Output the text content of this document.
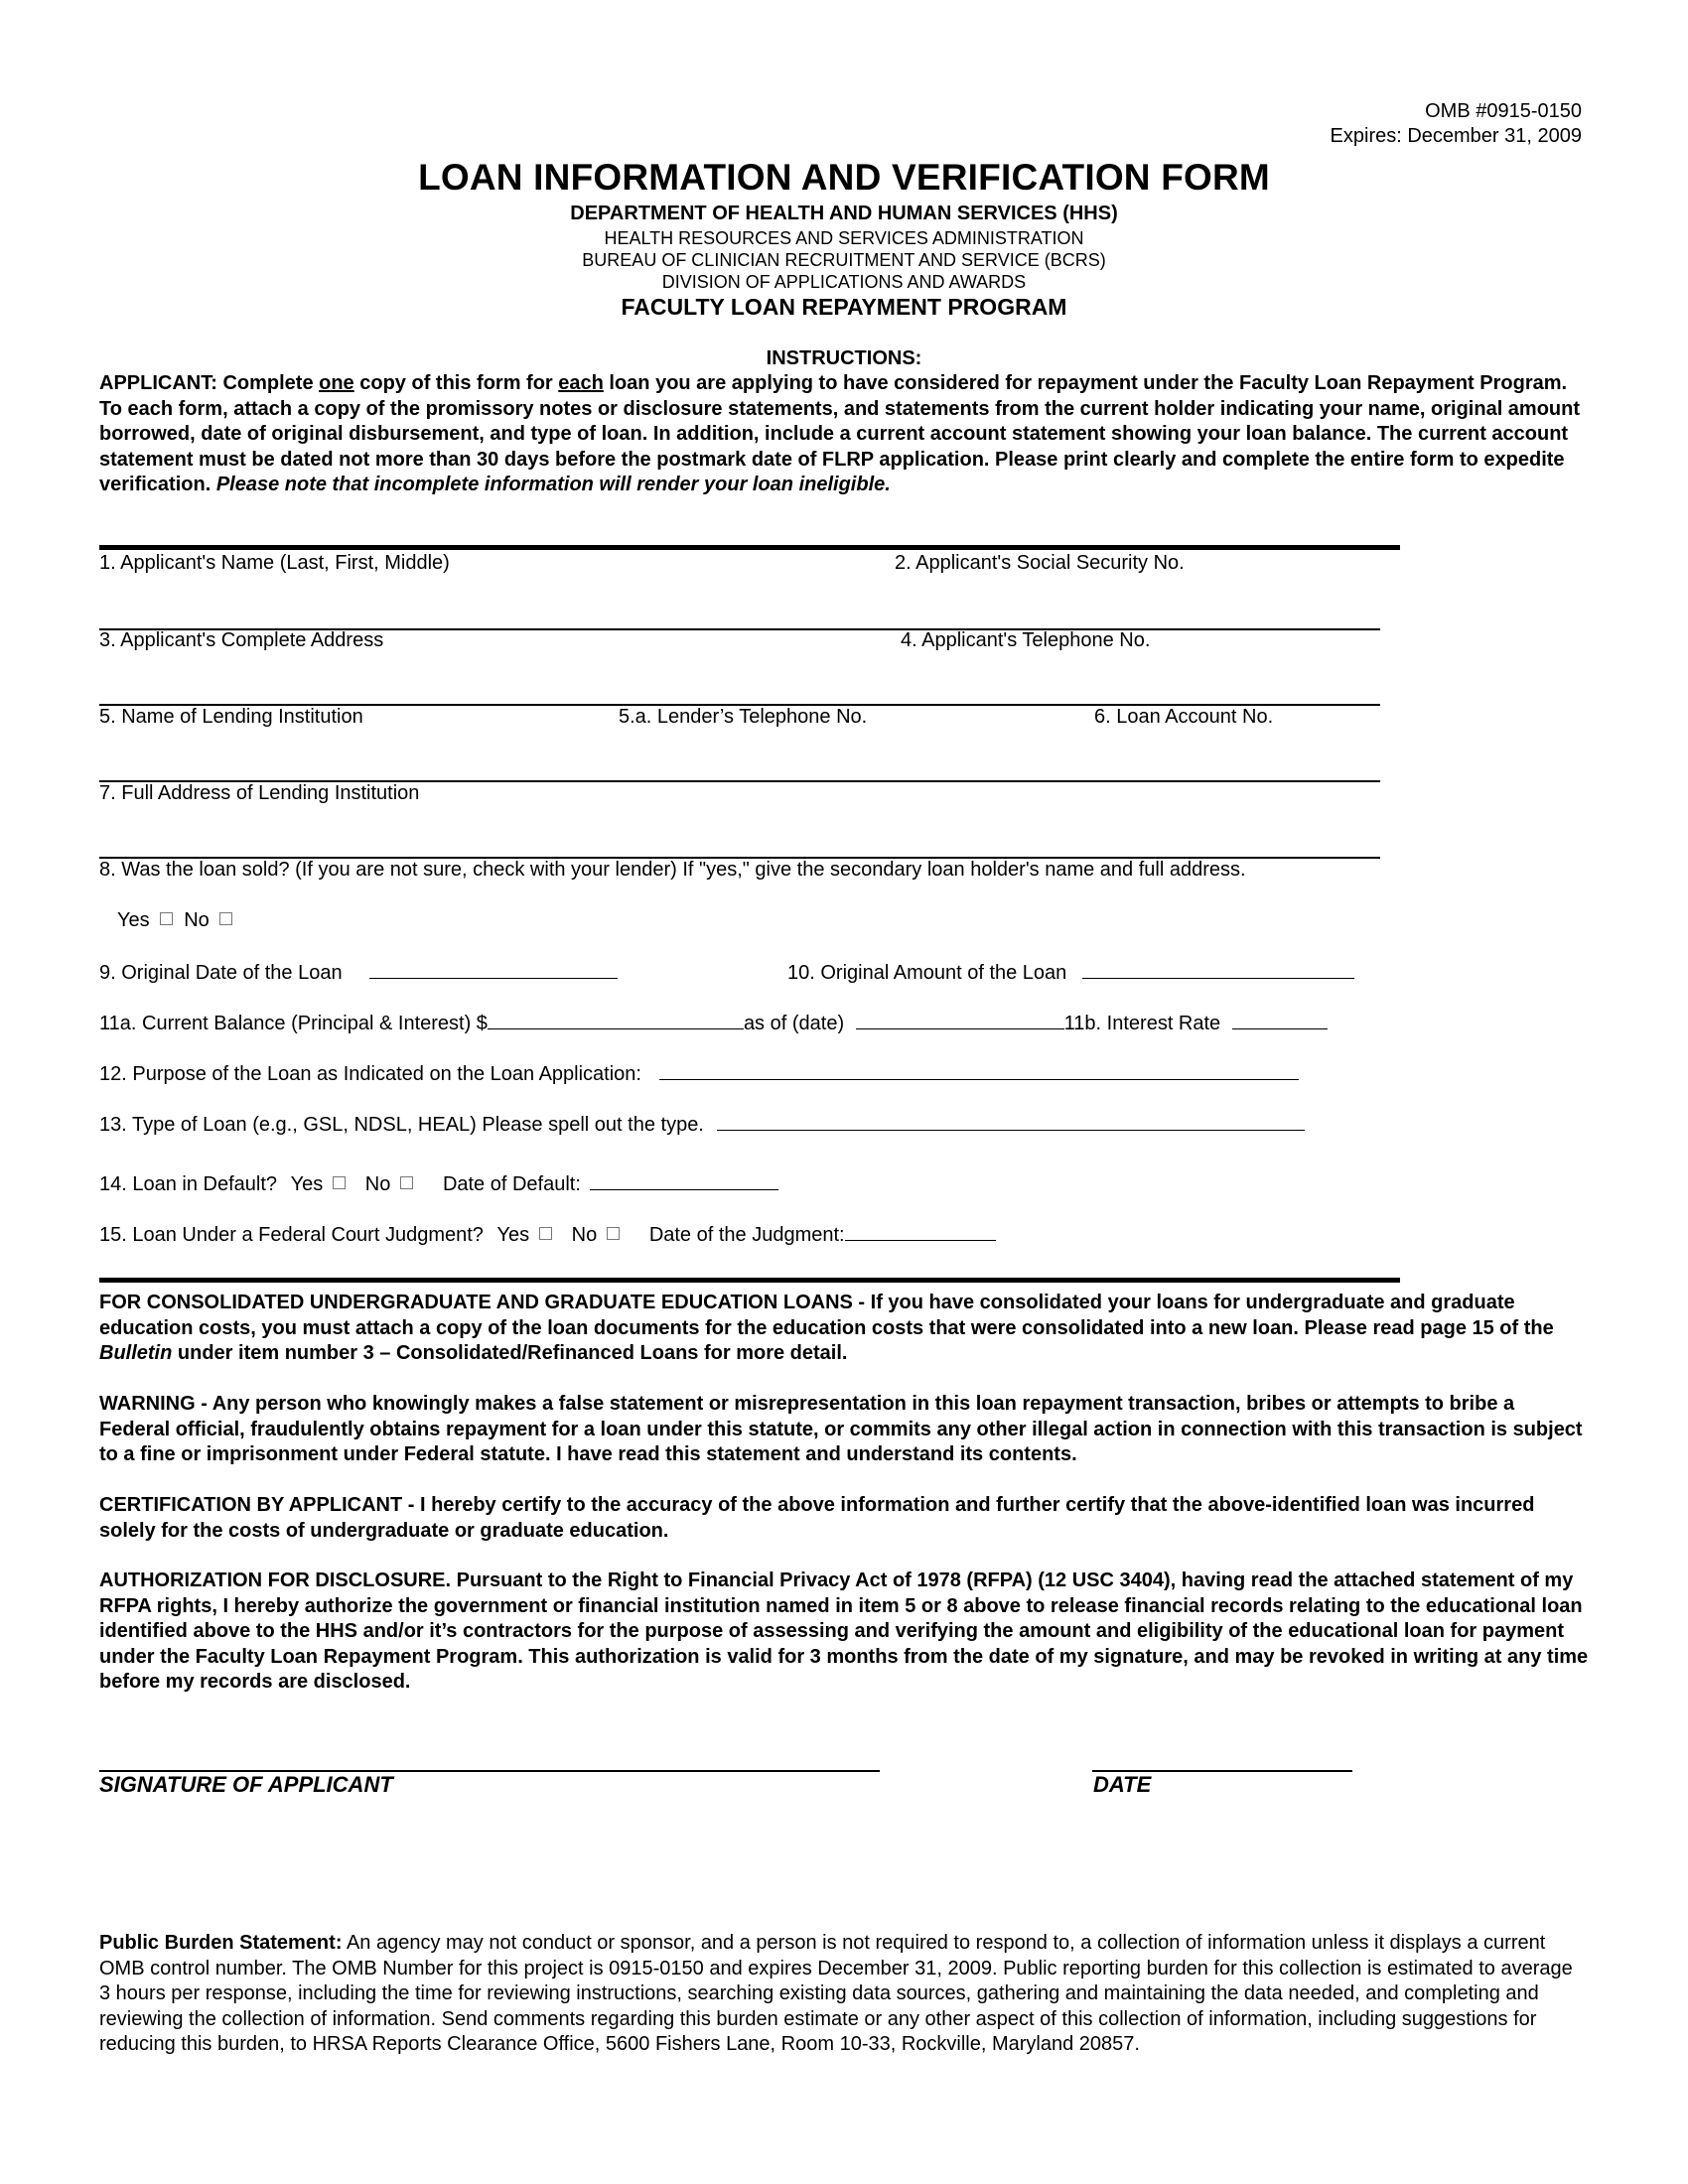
OMB #0915-0150
Expires: December 31, 2009
LOAN INFORMATION AND VERIFICATION FORM
DEPARTMENT OF HEALTH AND HUMAN SERVICES (HHS)
HEALTH RESOURCES AND SERVICES ADMINISTRATION
BUREAU OF CLINICIAN RECRUITMENT AND SERVICE (BCRS)
DIVISION OF APPLICATIONS AND AWARDS
FACULTY LOAN REPAYMENT PROGRAM
INSTRUCTIONS:
APPLICANT: Complete one copy of this form for each loan you are applying to have considered for repayment under the Faculty Loan Repayment Program. To each form, attach a copy of the promissory notes or disclosure statements, and statements from the current holder indicating your name, original amount borrowed, date of original disbursement, and type of loan. In addition, include a current account statement showing your loan balance. The current account statement must be dated not more than 30 days before the postmark date of FLRP application. Please print clearly and complete the entire form to expedite verification. Please note that incomplete information will render your loan ineligible.
1. Applicant's Name (Last, First, Middle)	2. Applicant's Social Security No.
3. Applicant's Complete Address	4. Applicant's Telephone No.
5. Name of Lending Institution	5.a. Lender’s Telephone No.	6. Loan Account No.
7. Full Address of Lending Institution
8. Was the loan sold? (If you are not sure, check with your lender) If "yes," give the secondary loan holder's name and full address.
Yes No
9. Original Date of the Loan	10. Original Amount of the Loan
11a. Current Balance (Principal & Interest) $	as of (date)	11b. Interest Rate
12. Purpose of the Loan as Indicated on the Loan Application:
13. Type of Loan (e.g., GSL, NDSL, HEAL) Please spell out the type.
14. Loan in Default? Yes No	Date of Default:
15. Loan Under a Federal Court Judgment? Yes No	Date of the Judgment:
FOR CONSOLIDATED UNDERGRADUATE AND GRADUATE EDUCATION LOANS - If you have consolidated your loans for undergraduate and graduate education costs, you must attach a copy of the loan documents for the education costs that were consolidated into a new loan. Please read page 15 of the Bulletin under item number 3 – Consolidated/Refinanced Loans for more detail.
WARNING - Any person who knowingly makes a false statement or misrepresentation in this loan repayment transaction, bribes or attempts to bribe a Federal official, fraudulently obtains repayment for a loan under this statute, or commits any other illegal action in connection with this transaction is subject to a fine or imprisonment under Federal statute. I have read this statement and understand its contents.
CERTIFICATION BY APPLICANT - I hereby certify to the accuracy of the above information and further certify that the above-identified loan was incurred solely for the costs of undergraduate or graduate education.
AUTHORIZATION FOR DISCLOSURE. Pursuant to the Right to Financial Privacy Act of 1978 (RFPA) (12 USC 3404), having read the attached statement of my RFPA rights, I hereby authorize the government or financial institution named in item 5 or 8 above to release financial records relating to the educational loan identified above to the HHS and/or it’s contractors for the purpose of assessing and verifying the amount and eligibility of the educational loan for payment under the Faculty Loan Repayment Program. This authorization is valid for 3 months from the date of my signature, and may be revoked in writing at any time before my records are disclosed.
SIGNATURE OF APPLICANT	DATE
Public Burden Statement: An agency may not conduct or sponsor, and a person is not required to respond to, a collection of information unless it displays a current OMB control number. The OMB Number for this project is 0915-0150 and expires December 31, 2009. Public reporting burden for this collection is estimated to average 3 hours per response, including the time for reviewing instructions, searching existing data sources, gathering and maintaining the data needed, and completing and reviewing the collection of information. Send comments regarding this burden estimate or any other aspect of this collection of information, including suggestions for reducing this burden, to HRSA Reports Clearance Office, 5600 Fishers Lane, Room 10-33, Rockville, Maryland 20857.
